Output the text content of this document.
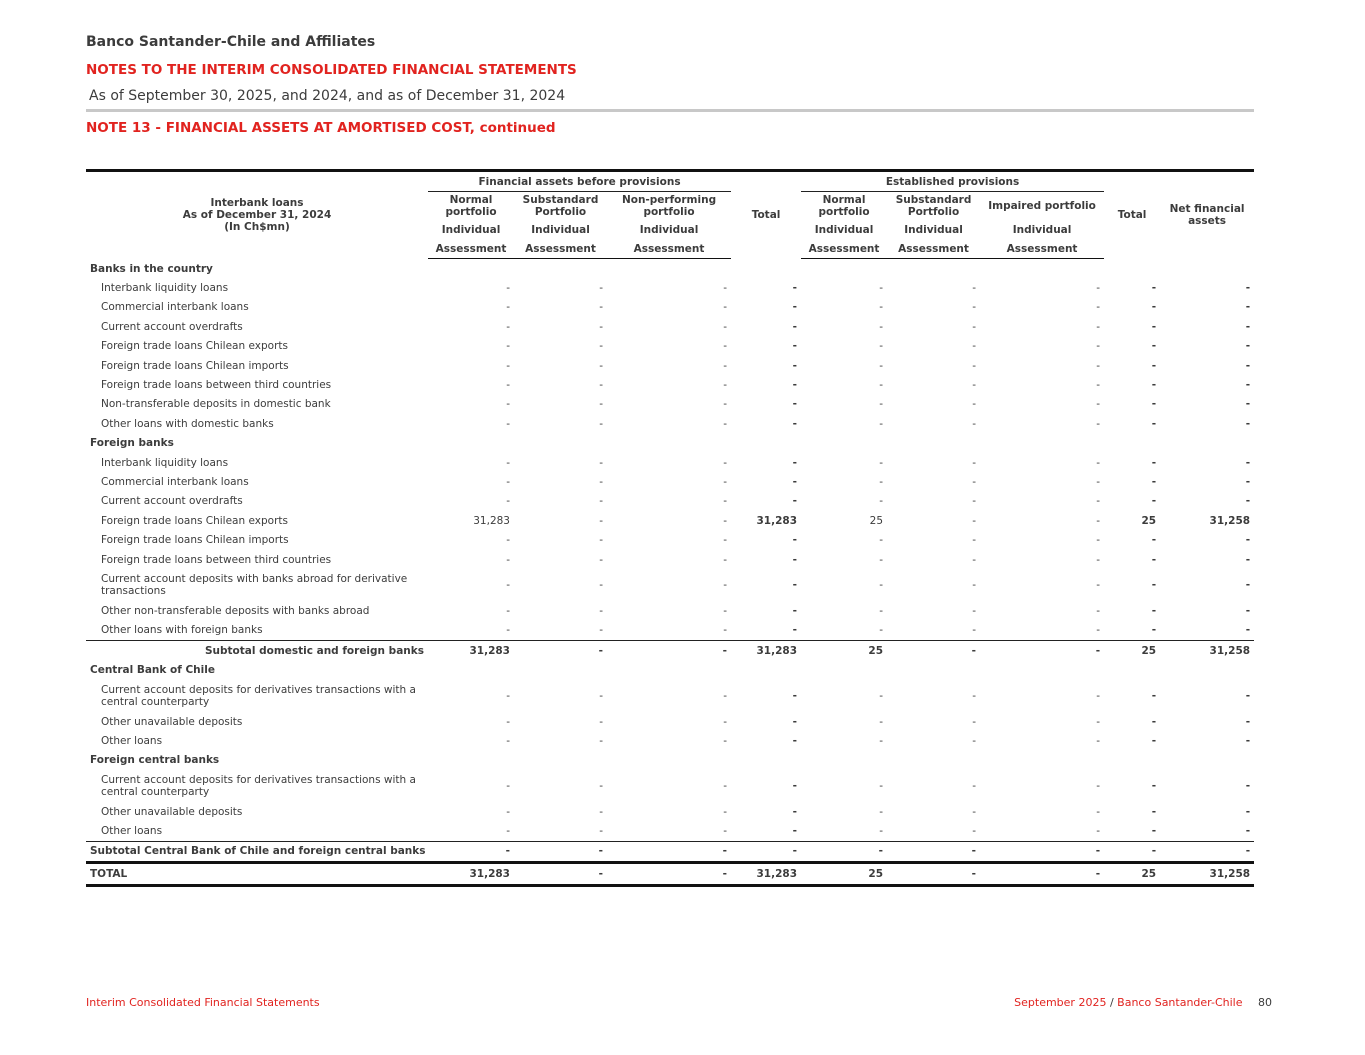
Banco Santander-Chile and Affiliates
NOTES TO THE INTERIM CONSOLIDATED FINANCIAL STATEMENTS
As of September 30, 2025, and 2024, and as of December 31, 2024
NOTE 13 - FINANCIAL ASSETS AT AMORTISED COST, continued
Interbank loans
As of December 31, 2024
(In Ch$mn)	Financial assets before provisions			Total	Established provisions			Total	Net financial assets
	Normal portfolio	Substandard Portfolio	Non-performing portfolio		Normal portfolio	Substandard Portfolio	Impaired portfolio		
	Individual	Individual	Individual		Individual	Individual	Individual		
	Assessment	Assessment	Assessment		Assessment	Assessment	Assessment		
Banks in the country									
Interbank liquidity loans	-	-	-	-	-	-	-	-	-
Commercial interbank loans	-	-	-	-	-	-	-	-	-
Current account overdrafts	-	-	-	-	-	-	-	-	-
Foreign trade loans Chilean exports	-	-	-	-	-	-	-	-	-
Foreign trade loans Chilean imports	-	-	-	-	-	-	-	-	-
Foreign trade loans between third countries	-	-	-	-	-	-	-	-	-
Non-transferable deposits in domestic bank	-	-	-	-	-	-	-	-	-
Other loans with domestic banks	-	-	-	-	-	-	-	-	-
Foreign banks									
Interbank liquidity loans	-	-	-	-	-	-	-	-	-
Commercial interbank loans	-	-	-	-	-	-	-	-	-
Current account overdrafts	-	-	-	-	-	-	-	-	-
Foreign trade loans Chilean exports	31,283	-	-	31,283	25	-	-	25	31,258
Foreign trade loans Chilean imports	-	-	-	-	-	-	-	-	-
Foreign trade loans between third countries	-	-	-	-	-	-	-	-	-
Current account deposits with banks abroad for derivative transactions	-	-	-	-	-	-	-	-	-
Other non-transferable deposits with banks abroad	-	-	-	-	-	-	-	-	-
Other loans with foreign banks	-	-	-	-	-	-	-	-	-
Subtotal domestic and foreign banks	31,283	-	-	31,283	25	-	-	25	31,258
Central Bank of Chile									
Current account deposits for derivatives transactions with a central counterparty	-	-	-	-	-	-	-	-	-
Other unavailable deposits	-	-	-	-	-	-	-	-	-
Other loans	-	-	-	-	-	-	-	-	-
Foreign central banks									
Current account deposits for derivatives transactions with a central counterparty	-	-	-	-	-	-	-	-	-
Other unavailable deposits	-	-	-	-	-	-	-	-	-
Other loans	-	-	-	-	-	-	-	-	-
Subtotal Central Bank of Chile and foreign central banks	-	-	-	-	-	-	-	-	-
TOTAL	31,283	-	-	31,283	25	-	-	25	31,258
Interim Consolidated Financial Statements	September 2025 / Banco Santander-Chile 80
